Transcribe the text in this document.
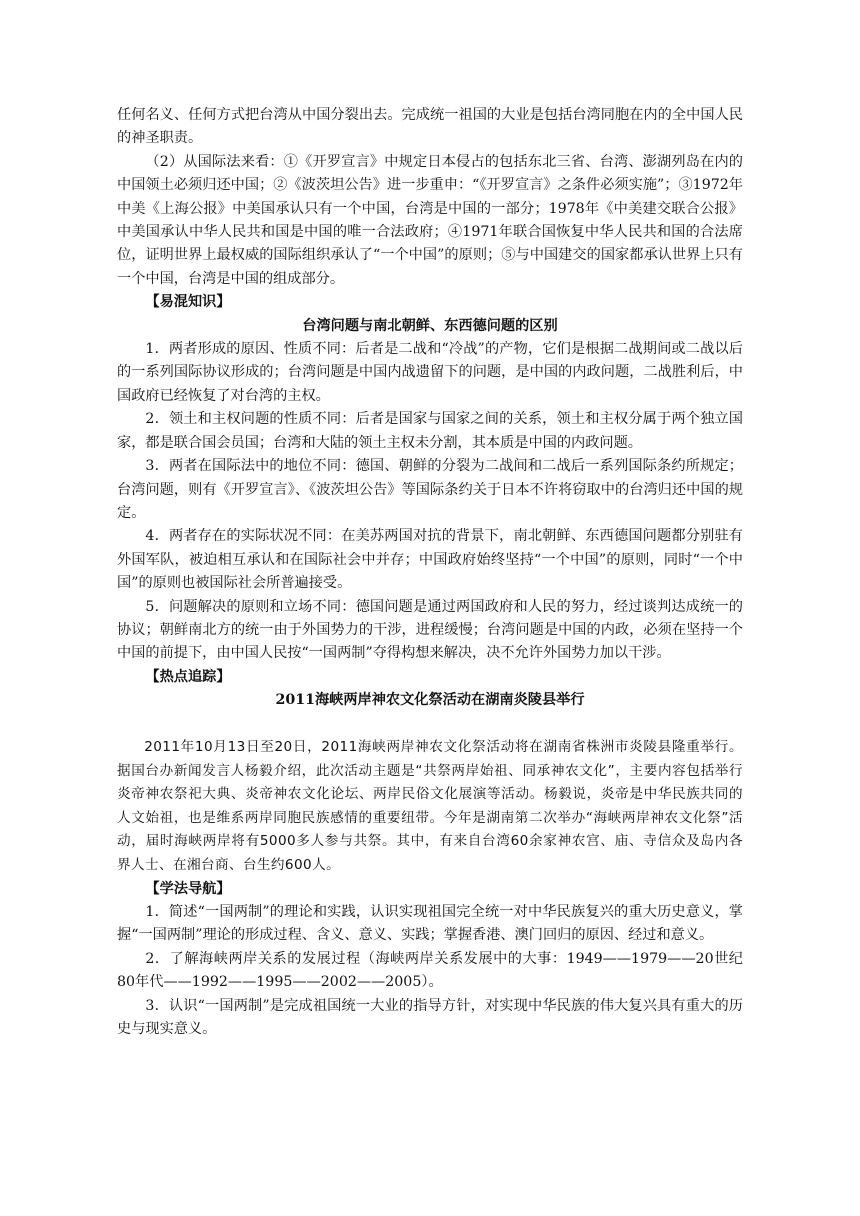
任何名义、任何方式把台湾从中国分裂出去。完成统一祖国的大业是包括台湾同胞在内的全中国人民的神圣职责。

（2）从国际法来看：①《开罗宣言》中规定日本侵占的包括东北三省、台湾、澎湖列岛在内的中国领土必须归还中国；②《波茨坦公告》进一步重申：“《开罗宣言》之条件必须实施”；③1972年中美《上海公报》中美国承认只有一个中国，台湾是中国的一部分；1978年《中美建交联合公报》中美国承认中华人民共和国是中国的唯一合法政府；④1971年联合国恢复中华人民共和国的合法席位，证明世界上最权威的国际组织承认了“一个中国”的原则；⑤与中国建交的国家都承认世界上只有一个中国，台湾是中国的组成部分。

【易混知识】

台湾问题与南北朝鲜、东西德问题的区别

1．两者形成的原因、性质不同：后者是二战和“冷战”的产物，它们是根据二战期间或二战以后的一系列国际协议形成的；台湾问题是中国内战遗留下的问题，是中国的内政问题，二战胜利后，中国政府已经恢复了对台湾的主权。

2．领土和主权问题的性质不同：后者是国家与国家之间的关系，领土和主权分属于两个独立国家，都是联合国会员国；台湾和大陆的领土主权未分割，其本质是中国的内政问题。

3．两者在国际法中的地位不同：德国、朝鲜的分裂为二战间和二战后一系列国际条约所规定；台湾问题，则有《开罗宣言》、《波茨坦公告》等国际条约关于日本不许将窃取中的台湾归还中国的规定。

4．两者存在的实际状况不同：在美苏两国对抗的背景下，南北朝鲜、东西德国问题都分别驻有外国军队，被迫相互承认和在国际社会中并存；中国政府始终坚持“一个中国”的原则，同时“一个中国”的原则也被国际社会所普遍接受。

5．问题解决的原则和立场不同：德国问题是通过两国政府和人民的努力，经过谈判达成统一的协议；朝鲜南北方的统一由于外国势力的干涉，进程缓慢；台湾问题是中国的内政，必须在坚持一个中国的前提下，由中国人民按“一国两制”夺得构想来解决，决不允许外国势力加以干涉。

【热点追踪】

2011海峡两岸神农文化祭活动在湖南炎陵县举行

2011年10月13日至20日，2011海峡两岸神农文化祭活动将在湖南省株洲市炎陵县隆重举行。据国台办新闻发言人杨毅介绍，此次活动主题是“共祭两岸始祖、同承神农文化”，主要内容包括举行炎帝神农祭祀大典、炎帝神农文化论坛、两岸民俗文化展演等活动。杨毅说，炎帝是中华民族共同的人文始祖，也是维系两岸同胞民族感情的重要纽带。今年是湖南第二次举办“海峡两岸神农文化祭”活动，届时海峡两岸将有5000多人参与共祭。其中，有来自台湾60余家神农宫、庙、寺信众及岛内各界人士、在湘台商、台生约600人。

【学法导航】

1．简述“一国两制”的理论和实践，认识实现祖国完全统一对中华民族复兴的重大历史意义，掌握“一国两制”理论的形成过程、含义、意义、实践；掌握香港、澳门回归的原因、经过和意义。

2．了解海峡两岸关系的发展过程（海峡两岸关系发展中的大事：1949——1979——20世纪80年代——1992——1995——2002——2005）。

3．认识“一国两制”是完成祖国统一大业的指导方针，对实现中华民族的伟大复兴具有重大的历史与现实意义。
